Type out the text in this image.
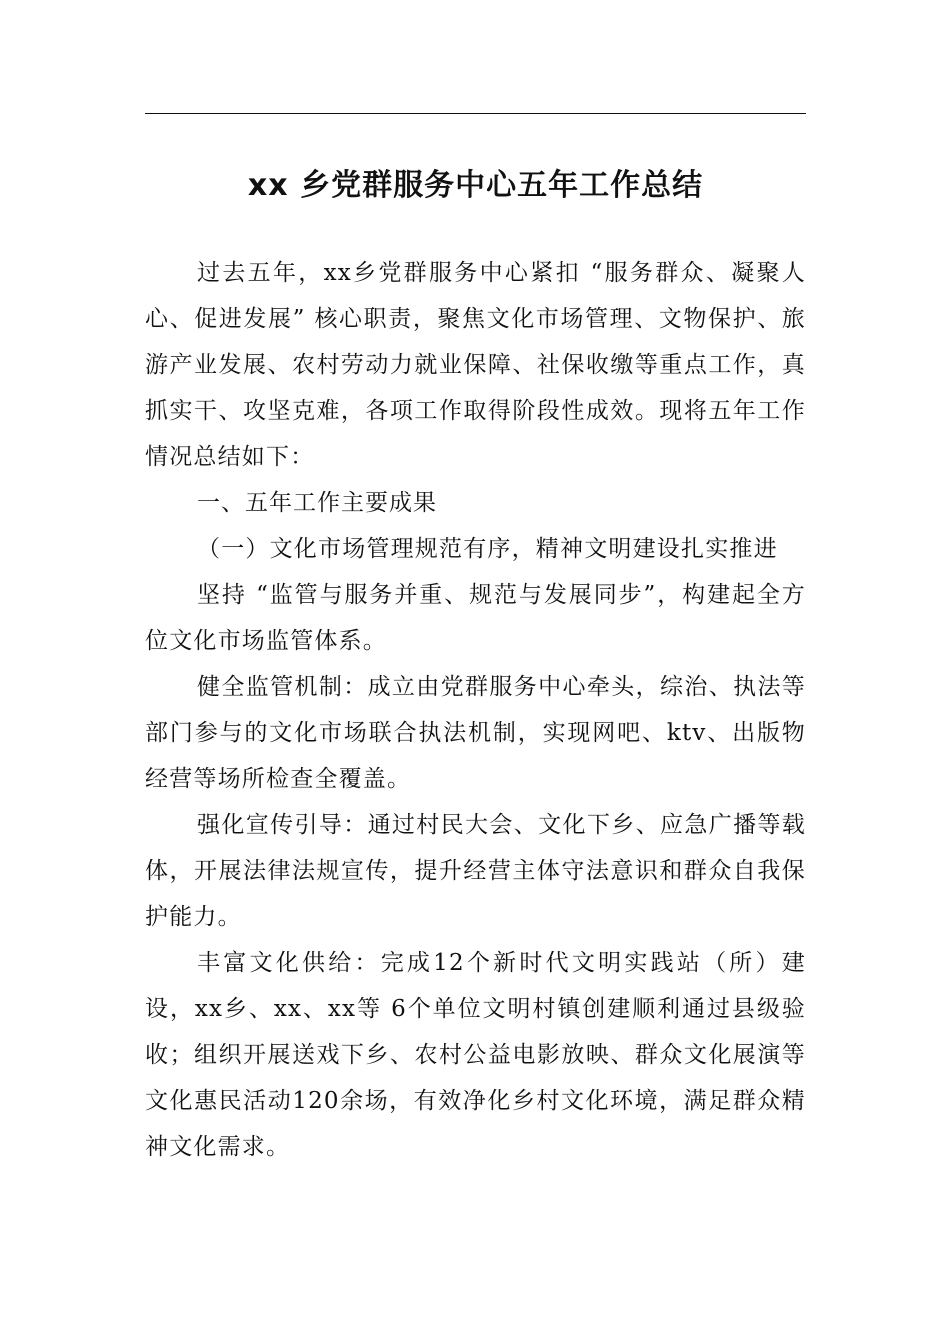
xx 乡党群服务中心五年工作总结

过去五年，xx乡党群服务中心紧扣 “服务群众、凝聚人心、促进发展” 核心职责，聚焦文化市场管理、文物保护、旅游产业发展、农村劳动力就业保障、社保收缴等重点工作，真抓实干、攻坚克难，各项工作取得阶段性成效。现将五年工作情况总结如下：

一、五年工作主要成果

（一）文化市场管理规范有序，精神文明建设扎实推进

坚持 “监管与服务并重、规范与发展同步”，构建起全方位文化市场监管体系。

健全监管机制：成立由党群服务中心牵头，综治、执法等部门参与的文化市场联合执法机制，实现网吧、ktv、出版物经营等场所检查全覆盖。

强化宣传引导：通过村民大会、文化下乡、应急广播等载体，开展法律法规宣传，提升经营主体守法意识和群众自我保护能力。

丰富文化供给：完成12个新时代文明实践站（所）建设，xx乡、xx、xx等 6个单位文明村镇创建顺利通过县级验收；组织开展送戏下乡、农村公益电影放映、群众文化展演等文化惠民活动120余场，有效净化乡村文化环境，满足群众精神文化需求。
